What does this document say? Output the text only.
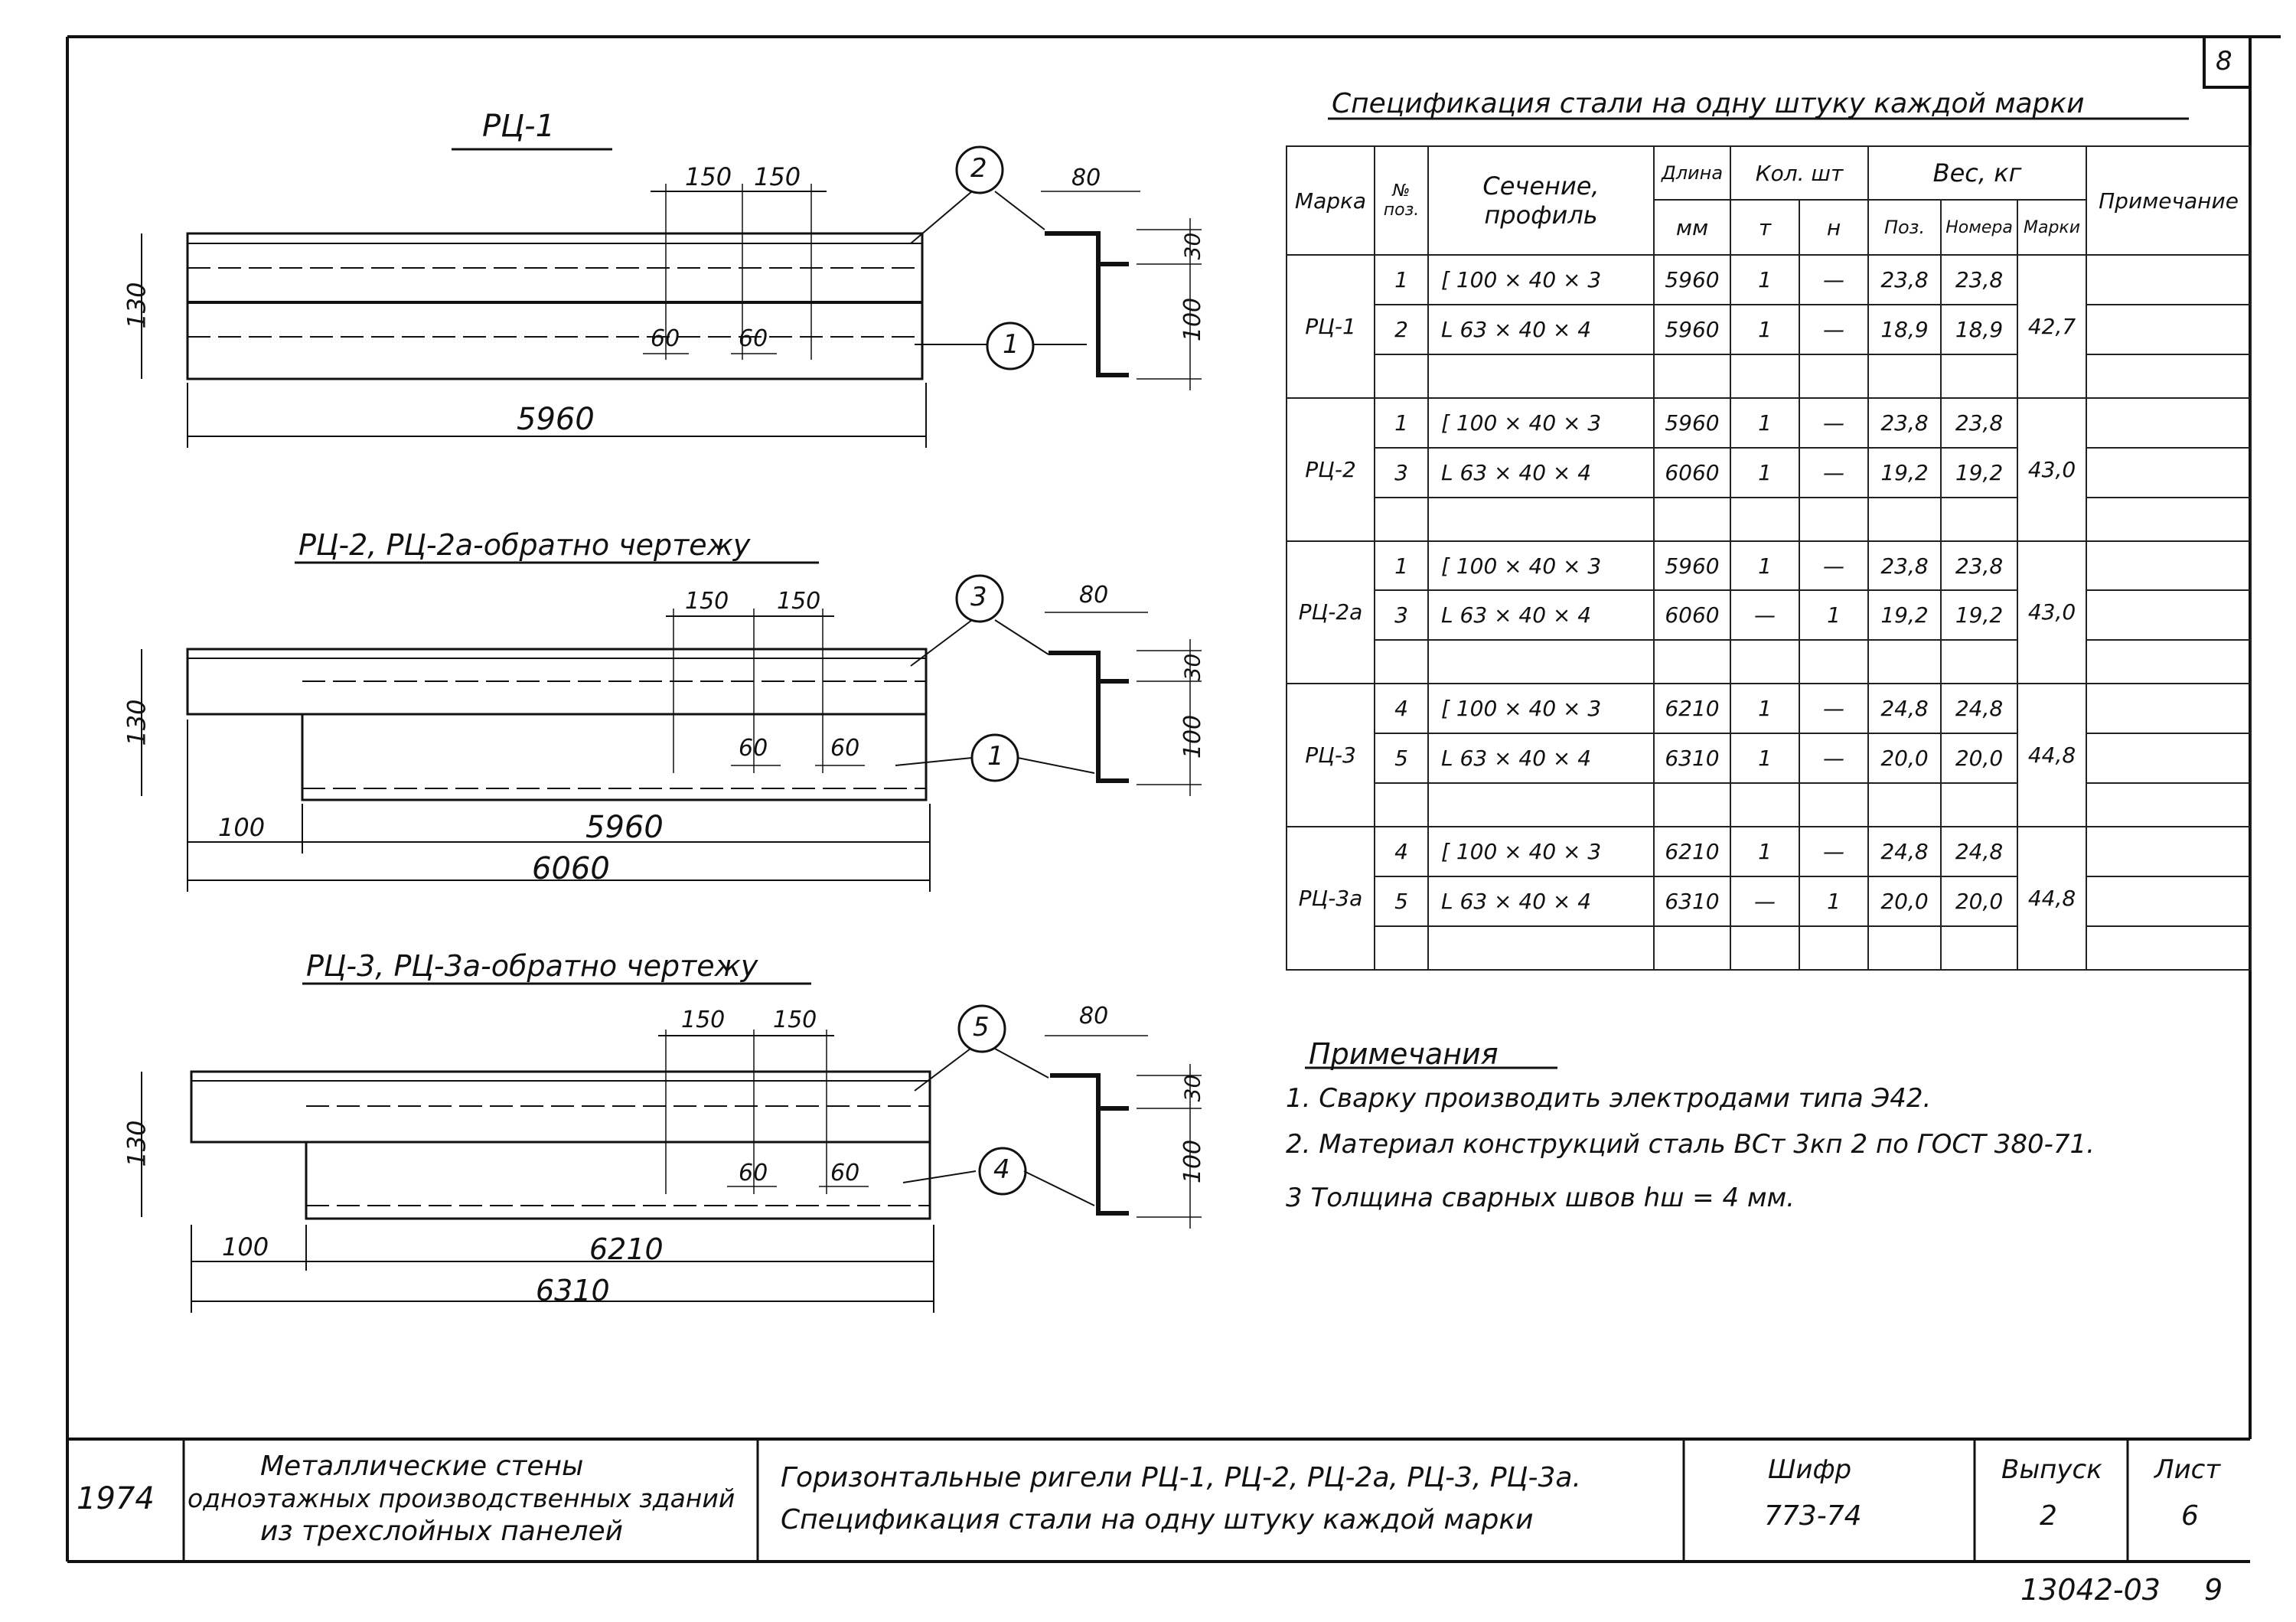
8
РЦ-1
150 150
60	60
130
5960
2
1
80
30
100
РЦ-2, РЦ-2а-обратно чертежу
150 150
60	60
130
100	5960
6060
3
1
80
30
100
РЦ-3, РЦ-3а-обратно чертежу
150 150
60	60
130
100	6210
6310
5
4
80
30
100
Спецификация стали на одну штуку каждой марки
Марка	№ поз.	Сечение, профиль	Длина	Кол. шт		Вес, кг			Примечание
			мм	т	н	Поз.	Номера	Марки	
РЦ-1	1	[ 100 × 40 × 3	5960	1	—	23,8	23,8	42,7	
	2	L 63 × 40 × 4	5960	1	—	18,9	18,9		

РЦ-2	1	[ 100 × 40 × 3	5960	1	—	23,8	23,8	43,0	
	3	L 63 × 40 × 4	6060	1	—	19,2	19,2		

РЦ-2а	1	[ 100 × 40 × 3	5960	1	—	23,8	23,8	43,0	
	3	L 63 × 40 × 4	6060	—	1	19,2	19,2		

РЦ-3	4	[ 100 × 40 × 3	6210	1	—	24,8	24,8	44,8	
	5	L 63 × 40 × 4	6310	1	—	20,0	20,0		

РЦ-3а	4	[ 100 × 40 × 3	6210	1	—	24,8	24,8	44,8	
	5	L 63 × 40 × 4	6310	—	1	20,0	20,0		

Примечания
1. Сварку производить электродами типа Э42.
2. Материал конструкций сталь ВСт 3кп 2 по ГОСТ 380-71.
3 Толщина сварных швов hш = 4 мм.
1974
Металлические стены
одноэтажных производственных зданий
из трехслойных панелей
Горизонтальные ригели РЦ-1, РЦ-2, РЦ-2а, РЦ-3, РЦ-3а.
Спецификация стали на одну штуку каждой марки
Шифр
773-74
Выпуск
2
Лист
6
13042-03 9
